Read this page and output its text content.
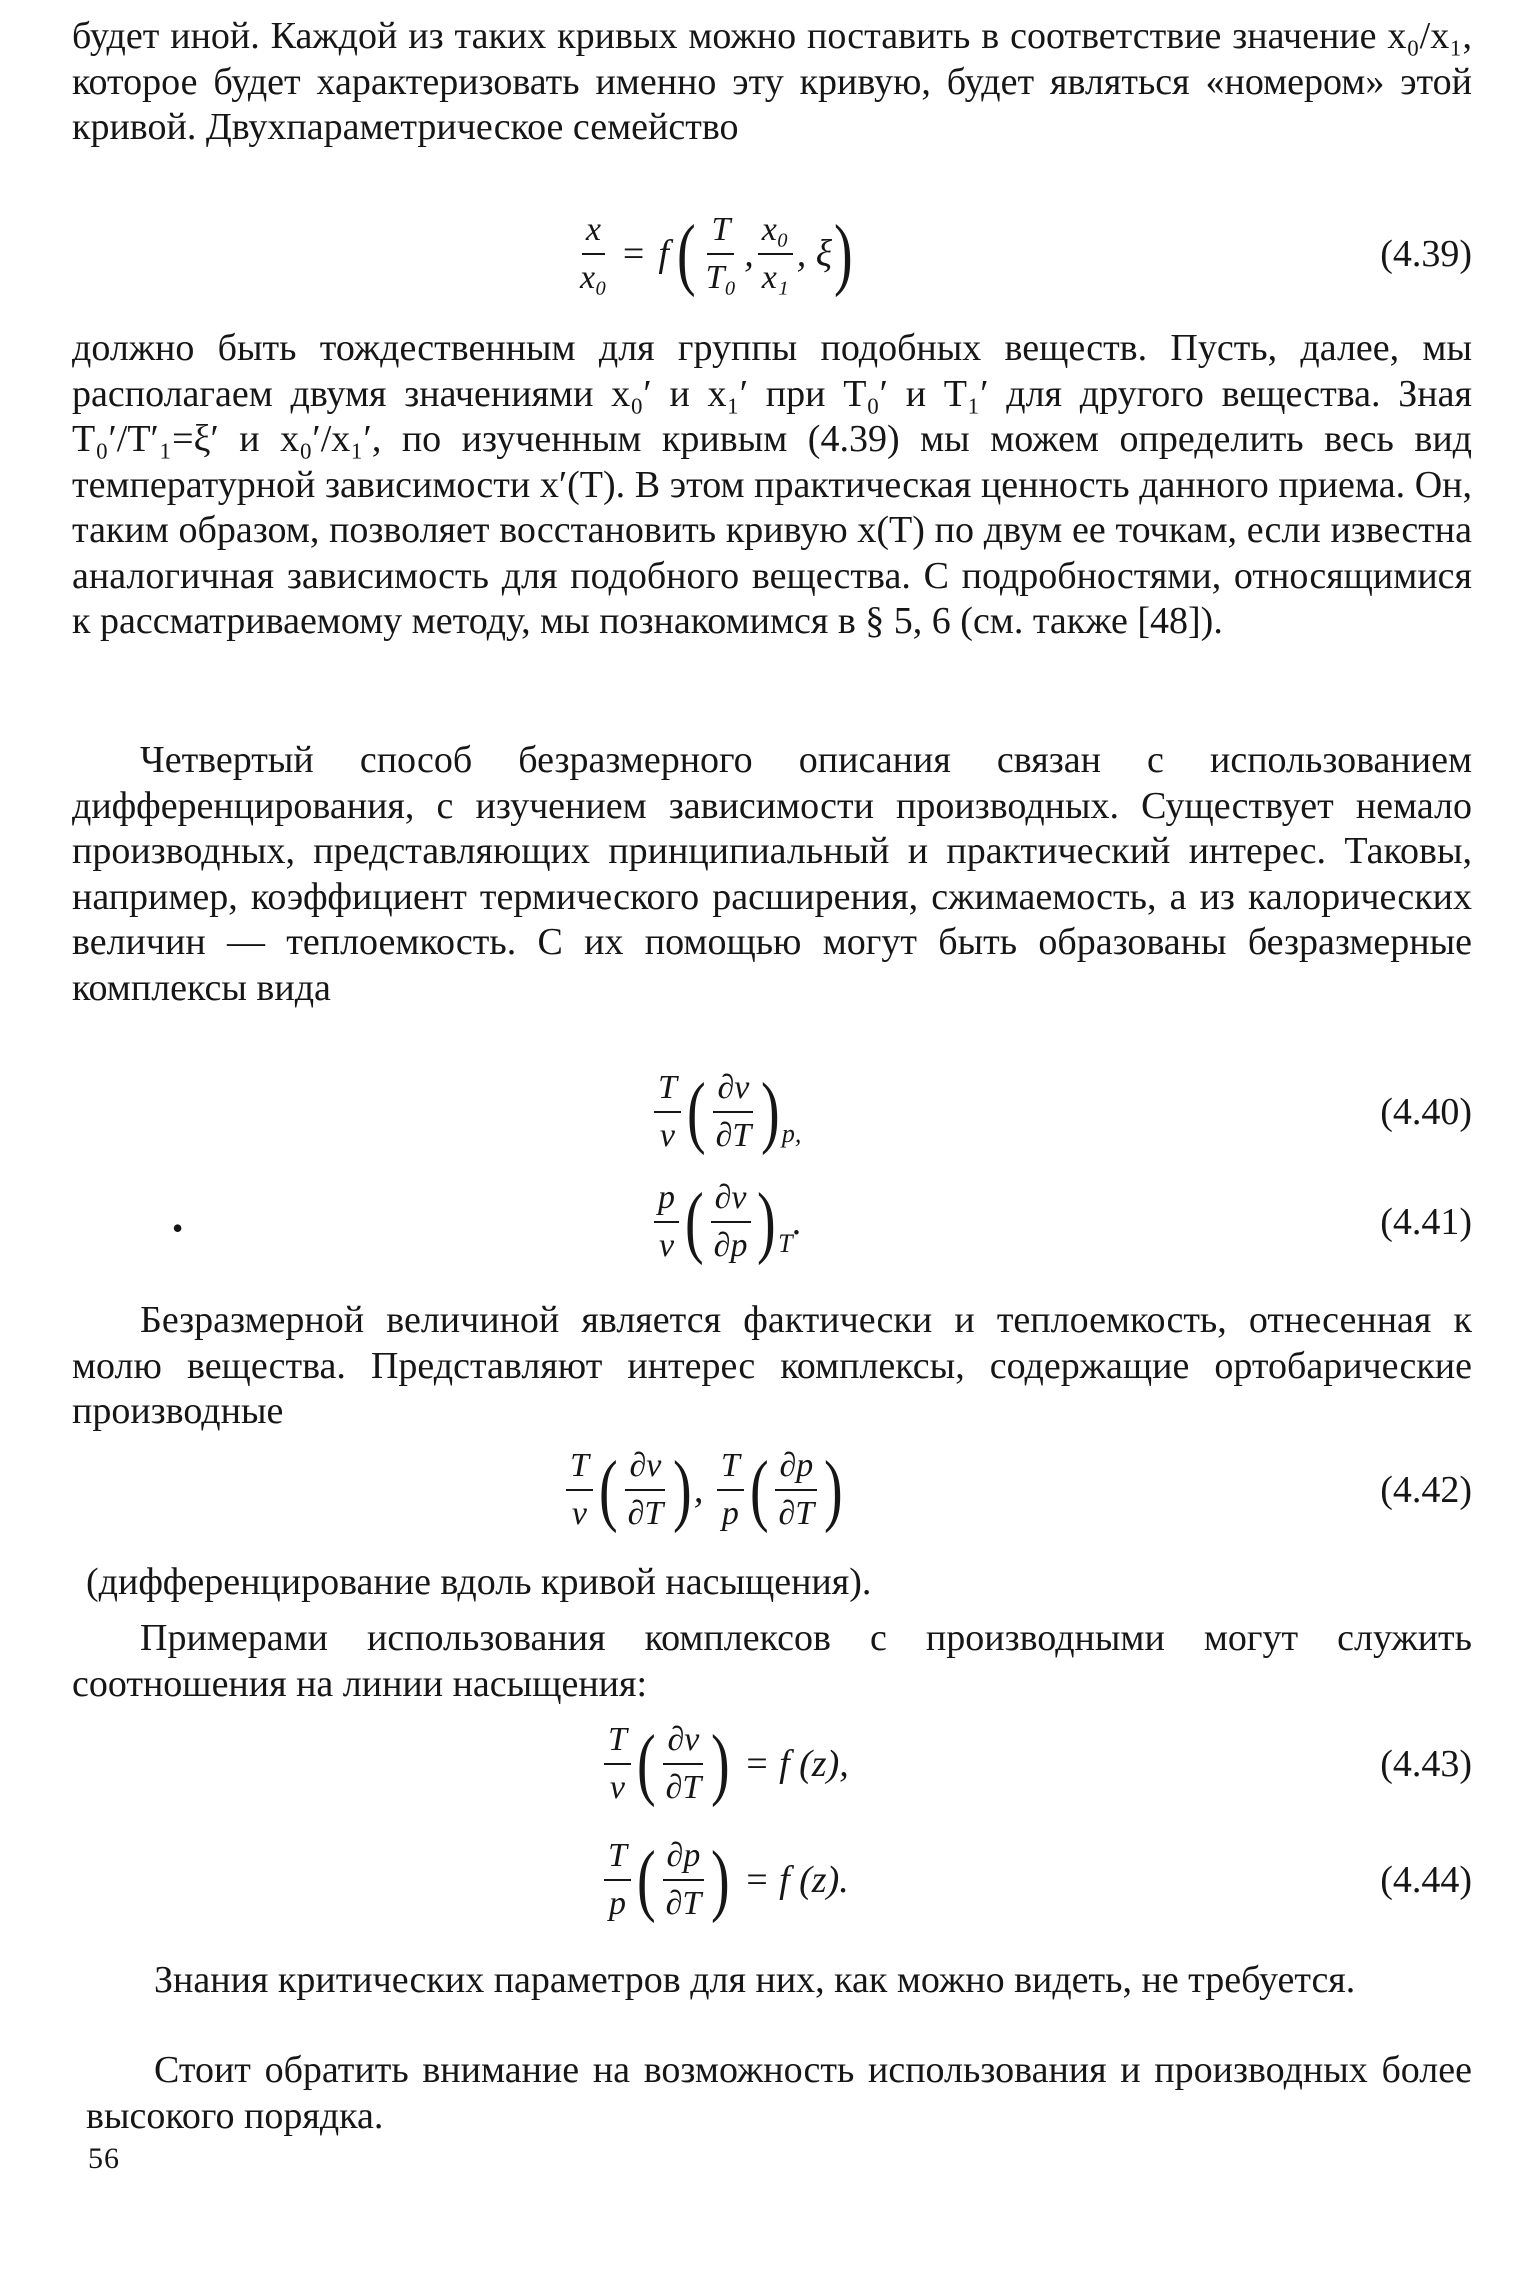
будет иной. Каждой из таких кривых можно поставить в соответствие значение x₀/x₁, которое будет характеризовать именно эту кривую, будет являться «номером» этой кривой. Двухпараметрическое семейство

$\frac{x}{\text{x₀}} = f$ ( $\frac{T}{\text{T₀}}$ , $\frac{\text{x₀}}{\text{x₁}}$ , ξ )	(4.39)

должно быть тождественным для группы подобных веществ. Пусть, далее, мы располагаем двумя значениями x₀′ и x₁′ при T₀′ и T₁′ для другого вещества. Зная T₀′/T′₁=ξ′ и x₀′/x₁′, по изученным кривым (4.39) мы можем определить весь вид температурной зависимости x′(T). В этом практическая ценность данного приема. Он, таким образом, позволяет восстановить кривую x(T) по двум ее точкам, если известна аналогичная зависимость для подобного вещества. С подробностями, относящимися к рассматриваемому методу, мы познакомимся в § 5, 6 (см. также [48]).

Четвертый способ безразмерного описания связан с использованием дифференцирования, с изучением зависимости производных. Существует немало производных, представляющих принципиальный и практический интерес. Таковы, например, коэффициент термического расширения, сжимаемость, а из калорических величин — теплоемкость. С их помощью могут быть образованы безразмерные комплексы вида

$\frac{T}{v}$ ( $\frac{\partial v}{\partial T}$ ) p,
(4.40)
•	$\frac{p}{v}$ ( $\frac{\partial v}{\partial p}$ ) T
.	(4.41)

Безразмерной величиной является фактически и теплоемкость, отнесенная к молю вещества. Представляют интерес комплексы, содержащие ортобарические производные

$\frac{T}{v}$ ( $\frac{\partial v}{\partial T}$ ) , $\frac{T}{p}$ ( $\frac{\partial p}{\partial T}$ )	(4.42)

(дифференцирование вдоль кривой насыщения).

Примерами использования комплексов с производными могут служить соотношения на линии насыщения:

$\frac{T}{v}$ ( $\frac{\partial v}{\partial T}$ ) = f (z),	(4.43)
$\frac{T}{p}$ ( $\frac{\partial p}{\partial T}$ ) = f (z).	(4.44)

Знания критических параметров для них, как можно видеть, не требуется.

Стоит обратить внимание на возможность использования и производных более высокого порядка.

56
